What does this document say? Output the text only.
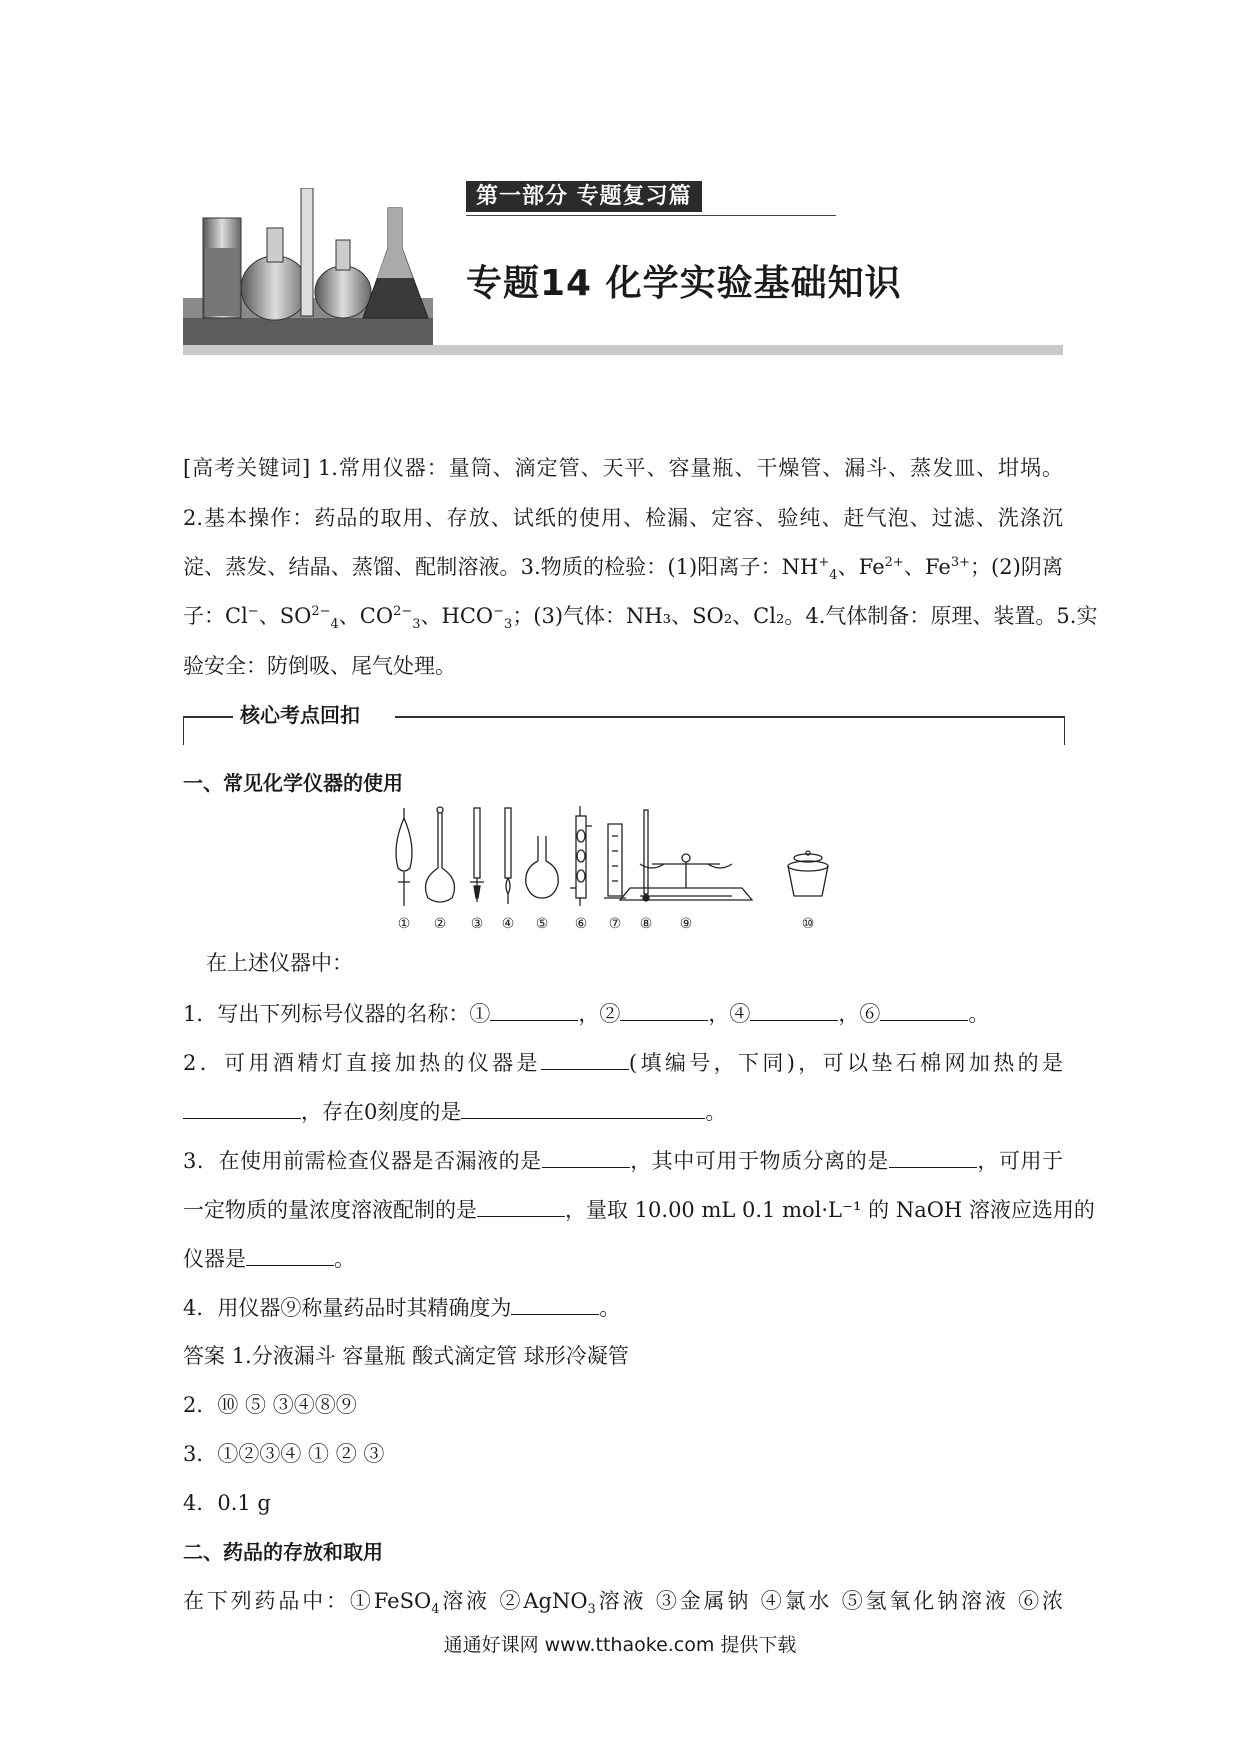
第一部分 专题复习篇
专题14 化学实验基础知识
[高考关键词] 1.常用仪器：量筒、滴定管、天平、容量瓶、干燥管、漏斗、蒸发皿、坩埚。
2.基本操作：药品的取用、存放、试纸的使用、检漏、定容、验纯、赶气泡、过滤、洗涤沉
淀、蒸发、结晶、蒸馏、配制溶液。3.物质的检验：(1)阳离子：$NH^+_4$、$Fe^{2+}$、$Fe^{3+}$；(2)阴离
子：Cl−、$SO^{2-}_4$、$CO^{2-}_3$、$HCO^-_3$；(3)气体：NH₃、SO₂、Cl₂。4.气体制备：原理、装置。5.实
验安全：防倒吸、尾气处理。
核心考点回扣
一、常见化学仪器的使用
① ② ③ ④ ⑤ ⑥ ⑦ ⑧ ⑨	⑩
在上述仪器中：
1．写出下列标号仪器的名称：①	，②	，④	，⑥	。
2．可用酒精灯直接加热的仪器是	(填编号，下同)，可以垫石棉网加热的是
，存在0刻度的是	。
3．在使用前需检查仪器是否漏液的是	，其中可用于物质分离的是	，可用于
一定物质的量浓度溶液配制的是	，量取 10.00 mL 0.1 mol·L⁻¹ 的 NaOH 溶液应选用的
仪器是	。
4．用仪器⑨称量药品时其精确度为	。
答案 1.分液漏斗 容量瓶 酸式滴定管 球形冷凝管
2．⑩ ⑤ ③④⑧⑨
3．①②③④ ① ② ③
4．0.1 g
二、药品的存放和取用
在下列药品中：①FeSO$_4$溶液 ②AgNO$_3$溶液 ③金属钠 ④氯水 ⑤氢氧化钠溶液 ⑥浓
通通好课网 www.tthaoke.com 提供下载
